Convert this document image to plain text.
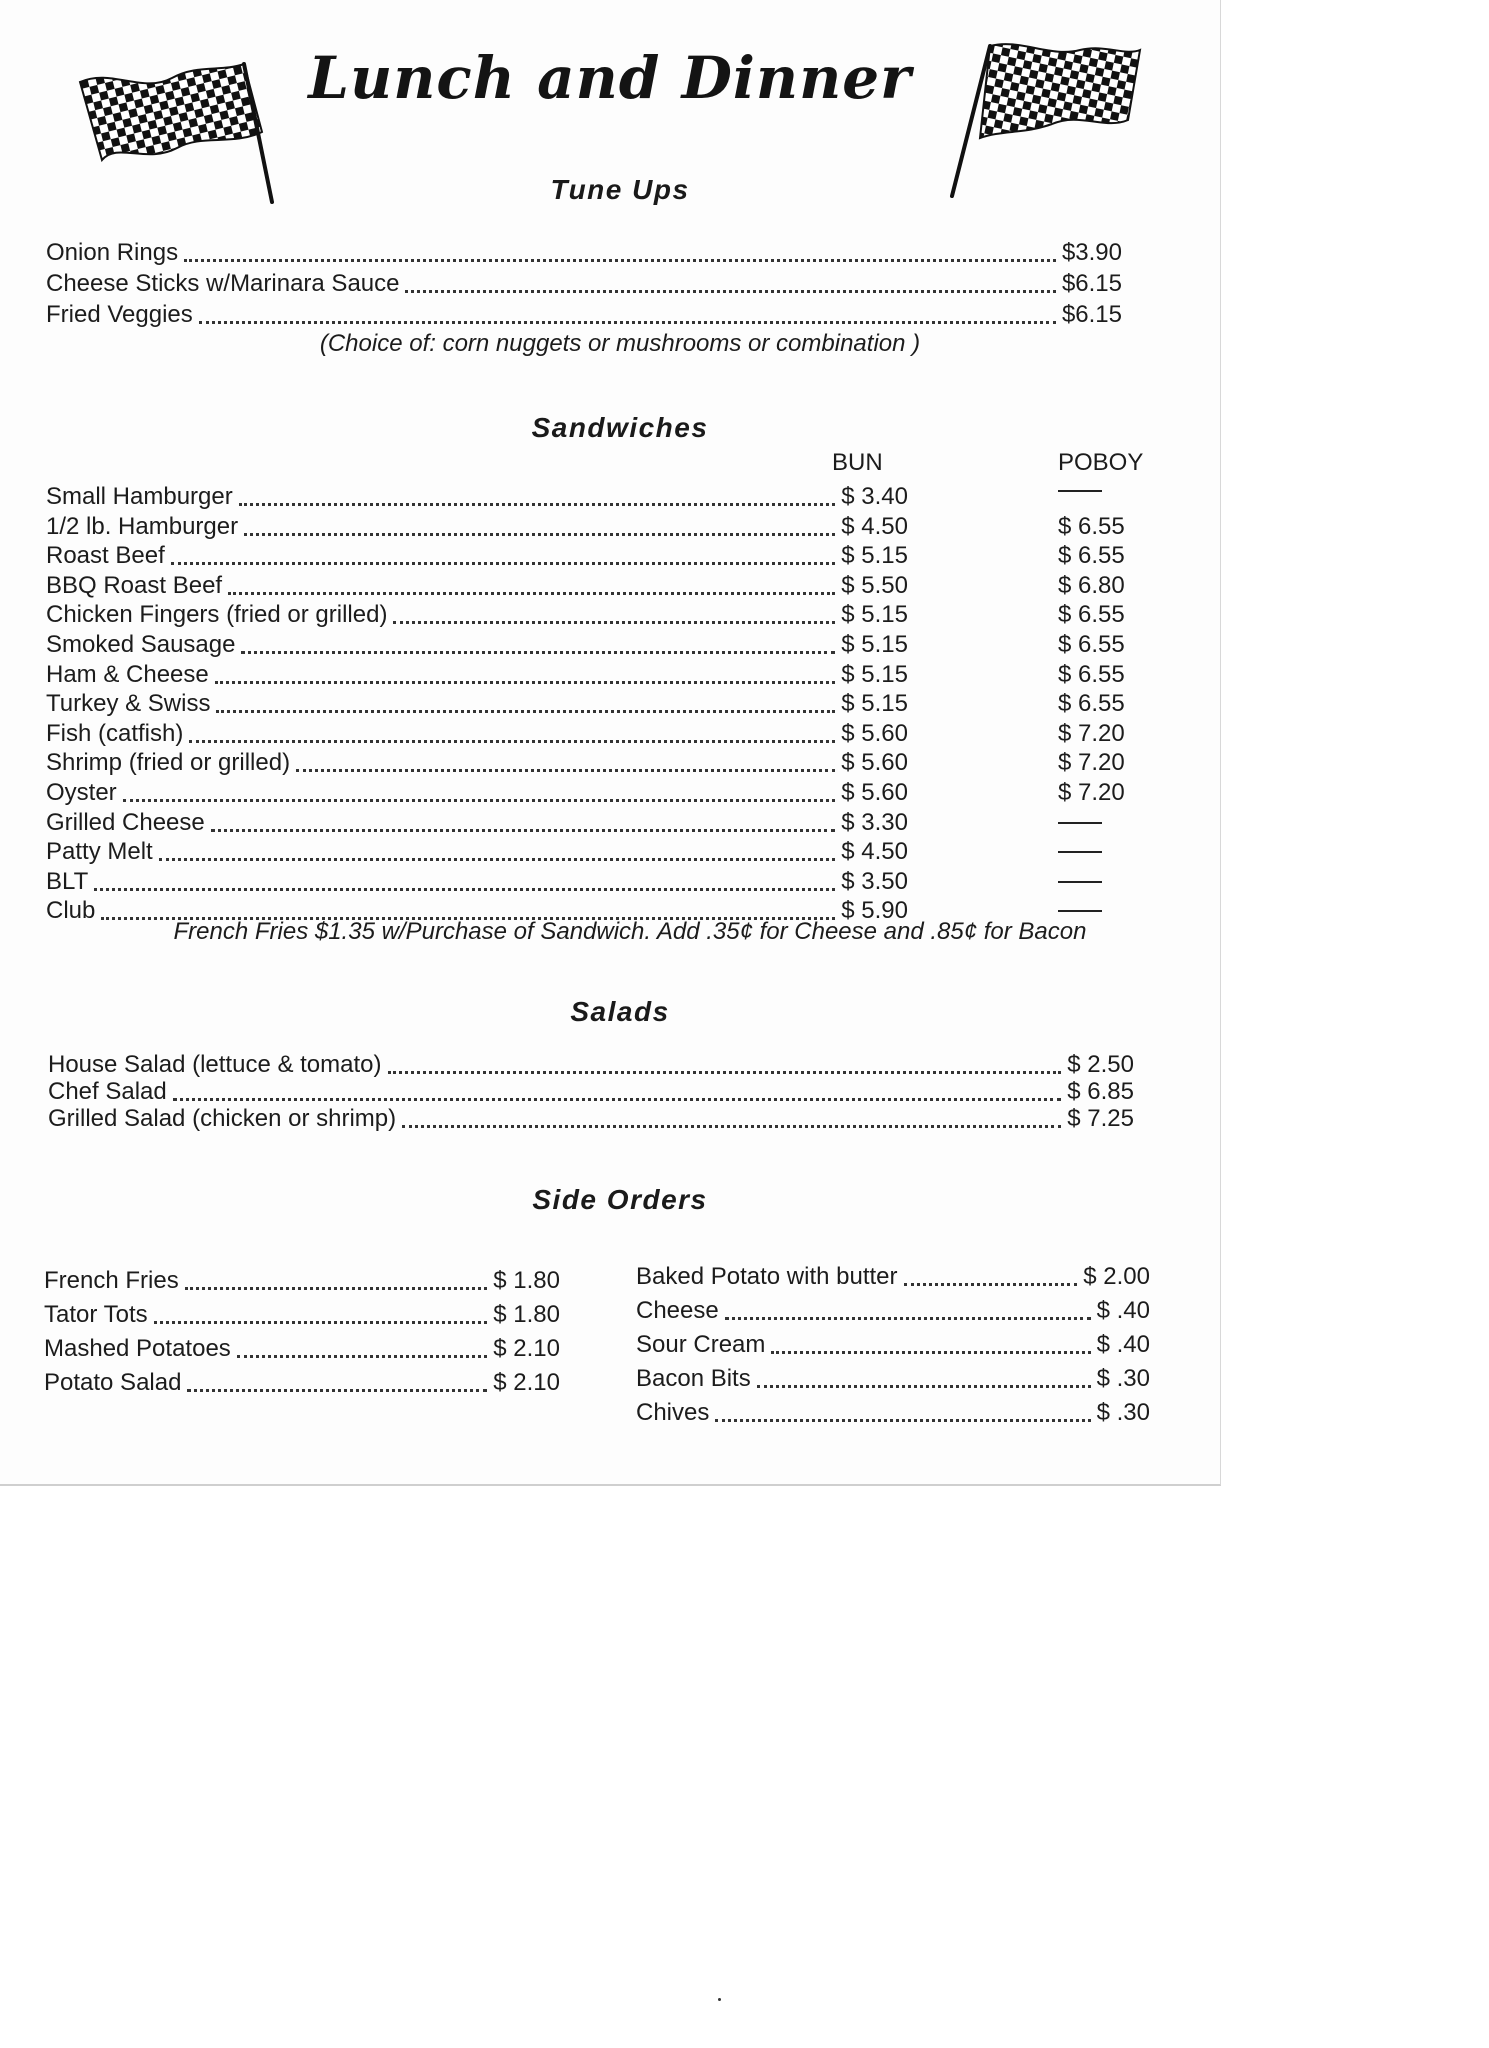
Lunch and Dinner
Tune Ups
Onion Rings	$3.90
Cheese Sticks w/Marinara Sauce	$6.15
Fried Veggies	$6.15
(Choice of: corn nuggets or mushrooms or combination )
Sandwiches
BUN	POBOY
Small Hamburger	$ 3.40
1/2 lb. Hamburger	$ 4.50	$ 6.55
Roast Beef	$ 5.15	$ 6.55
BBQ Roast Beef	$ 5.50	$ 6.80
Chicken Fingers (fried or grilled)	$ 5.15	$ 6.55
Smoked Sausage	$ 5.15	$ 6.55
Ham & Cheese	$ 5.15	$ 6.55
Turkey & Swiss	$ 5.15	$ 6.55
Fish (catfish)	$ 5.60	$ 7.20
Shrimp (fried or grilled)	$ 5.60	$ 7.20
Oyster	$ 5.60	$ 7.20
Grilled Cheese	$ 3.30
Patty Melt	$ 4.50
BLT	$ 3.50
Club	$ 5.90
French Fries $1.35 w/Purchase of Sandwich. Add .35¢ for Cheese and .85¢ for Bacon
Salads
House Salad (lettuce & tomato)	$ 2.50
Chef Salad	$ 6.85
Grilled Salad (chicken or shrimp)	$ 7.25
Side Orders
French Fries	$ 1.80
Tator Tots	$ 1.80
Mashed Potatoes	$ 2.10
Potato Salad	$ 2.10
Baked Potato with butter	$ 2.00
Cheese	$ .40
Sour Cream	$ .40
Bacon Bits	$ .30
Chives	$ .30
